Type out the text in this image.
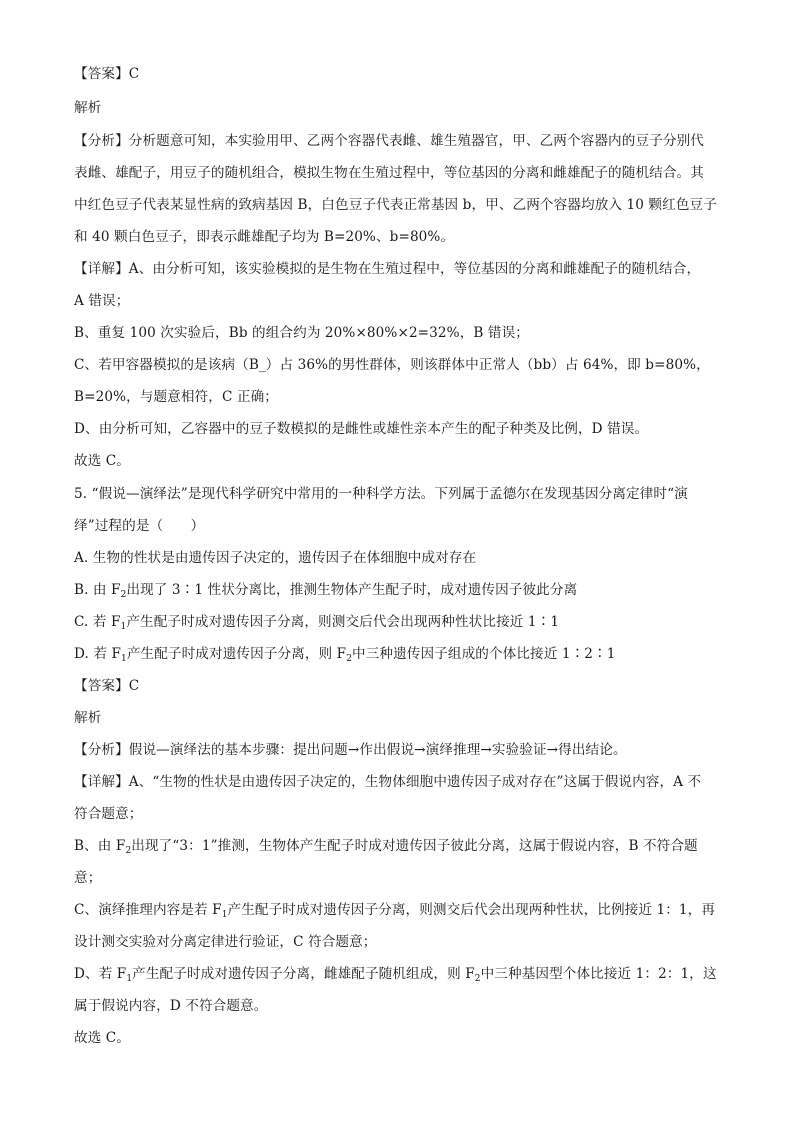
【答案】C
解析
【分析】分析题意可知，本实验用甲、乙两个容器代表雌、雄生殖器官，甲、乙两个容器内的豆子分别代
表雌、雄配子，用豆子的随机组合，模拟生物在生殖过程中，等位基因的分离和雌雄配子的随机结合。其
中红色豆子代表某显性病的致病基因 B，白色豆子代表正常基因 b，甲、乙两个容器均放入 10 颗红色豆子
和 40 颗白色豆子，即表示雌雄配子均为 B=20%、b=80%。
【详解】A、由分析可知，该实验模拟的是生物在生殖过程中，等位基因的分离和雌雄配子的随机结合，
A 错误；
B、重复 100 次实验后，Bb 的组合约为 20%×80%×2=32%，B 错误；
C、若甲容器模拟的是该病（B_）占 36%的男性群体，则该群体中正常人（bb）占 64%，即 b=80%，
B=20%，与题意相符，C 正确；
D、由分析可知，乙容器中的豆子数模拟的是雌性或雄性亲本产生的配子种类及比例，D 错误。
故选 C。
5. “假说—演绎法”是现代科学研究中常用的一种科学方法。下列属于孟德尔在发现基因分离定律时“演
绎”过程的是（　　）
A. 生物的性状是由遗传因子决定的，遗传因子在体细胞中成对存在
B. 由 $F_2$出现了 3∶1 性状分离比，推测生物体产生配子时，成对遗传因子彼此分离
C. 若 $F_1$产生配子时成对遗传因子分离，则测交后代会出现两种性状比接近 1∶1
D. 若 $F_1$产生配子时成对遗传因子分离，则 $F_2$中三种遗传因子组成的个体比接近 1∶2∶1
【答案】C
解析
【分析】假说—演绎法的基本步骤：提出问题→作出假说→演绎推理→实验验证→得出结论。
【详解】A、“生物的性状是由遗传因子决定的，生物体细胞中遗传因子成对存在”这属于假说内容，A 不
符合题意；
B、由 $F_2$出现了“3：1”推测，生物体产生配子时成对遗传因子彼此分离，这属于假说内容，B 不符合题
意；
C、演绎推理内容是若 $F_1$产生配子时成对遗传因子分离，则测交后代会出现两种性状，比例接近 1：1，再
设计测交实验对分离定律进行验证，C 符合题意；
D、若 $F_1$产生配子时成对遗传因子分离，雌雄配子随机组成，则 $F_2$中三种基因型个体比接近 1：2：1，这
属于假说内容，D 不符合题意。
故选 C。
